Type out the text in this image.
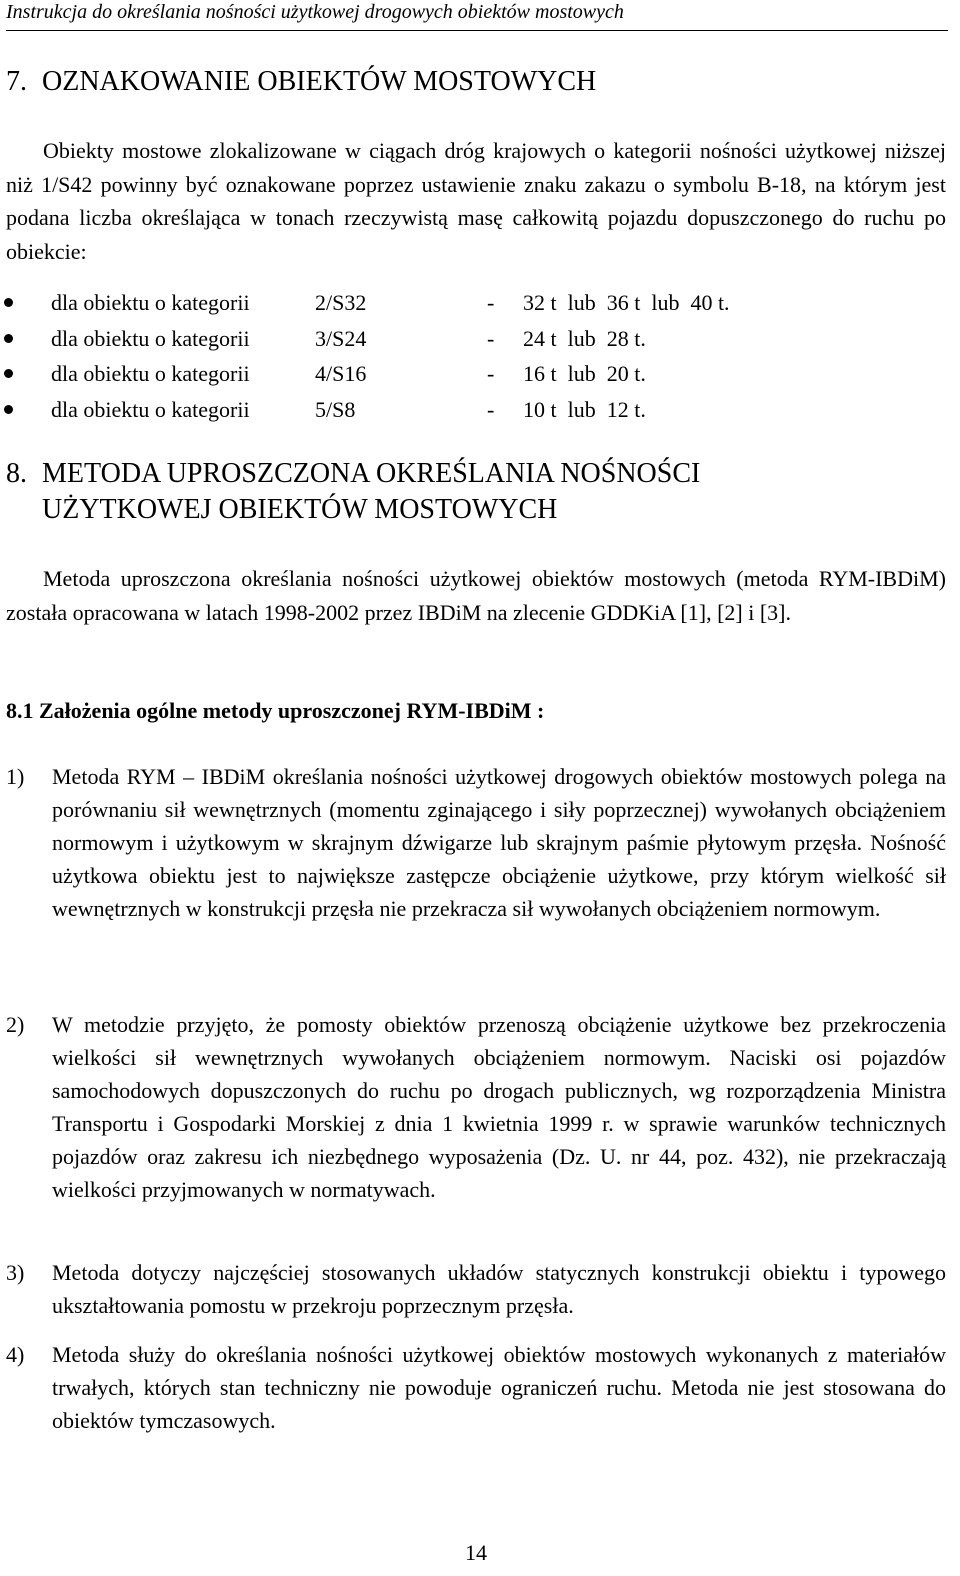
Instrukcja do określania nośności użytkowej drogowych obiektów mostowych
7. OZNAKOWANIE OBIEKTÓW MOSTOWYCH

Obiekty mostowe zlokalizowane w ciągach dróg krajowych o kategorii nośności użytkowej niższej niż 1/S42 powinny być oznakowane poprzez ustawienie znaku zakazu o symbolu B-18, na którym jest podana liczba określająca w tonach rzeczywistą masę całkowitą pojazdu dopuszczonego do ruchu po obiekcie:

dla obiektu o kategorii	2/S32	- 32 t  lub  36 t  lub  40 t.
dla obiektu o kategorii	3/S24	- 24 t  lub  28 t.
dla obiektu o kategorii	4/S16	- 16 t  lub  20 t.
dla obiektu o kategorii	5/S8	- 10 t  lub  12 t.
8. METODA UPROSZCZONA OKREŚLANIA NOŚNOŚCI
UŻYTKOWEJ OBIEKTÓW MOSTOWYCH

Metoda uproszczona określania nośności użytkowej obiektów mostowych (metoda RYM-IBDiM) została opracowana w latach 1998-2002 przez IBDiM na zlecenie GDDKiA [1], [2] i [3].

8.1 Założenia ogólne metody uproszczonej RYM-IBDiM :
1) Metoda RYM – IBDiM określania nośności użytkowej drogowych obiektów mostowych polega na porównaniu sił wewnętrznych (momentu zginającego i siły poprzecznej) wywołanych obciążeniem normowym i użytkowym w skrajnym dźwigarze lub skrajnym paśmie płytowym przęsła. Nośność użytkowa obiektu jest to największe zastępcze obciążenie użytkowe, przy którym wielkość sił wewnętrznych w konstrukcji przęsła nie przekracza sił wywołanych obciążeniem normowym.
2) W metodzie przyjęto, że pomosty obiektów przenoszą obciążenie użytkowe bez przekroczenia wielkości sił wewnętrznych wywołanych obciążeniem normowym. Naciski osi pojazdów samochodowych dopuszczonych do ruchu po drogach publicznych, wg rozporządzenia Ministra Transportu i Gospodarki Morskiej z dnia 1 kwietnia 1999 r. w sprawie warunków technicznych pojazdów oraz zakresu ich niezbędnego wyposażenia (Dz. U. nr 44, poz. 432), nie przekraczają wielkości przyjmowanych w normatywach.
3) Metoda dotyczy najczęściej stosowanych układów statycznych konstrukcji obiektu i typowego ukształtowania pomostu w przekroju poprzecznym przęsła.
4) Metoda służy do określania nośności użytkowej obiektów mostowych wykonanych z materiałów trwałych, których stan techniczny nie powoduje ograniczeń ruchu. Metoda nie jest stosowana do obiektów tymczasowych.
14
